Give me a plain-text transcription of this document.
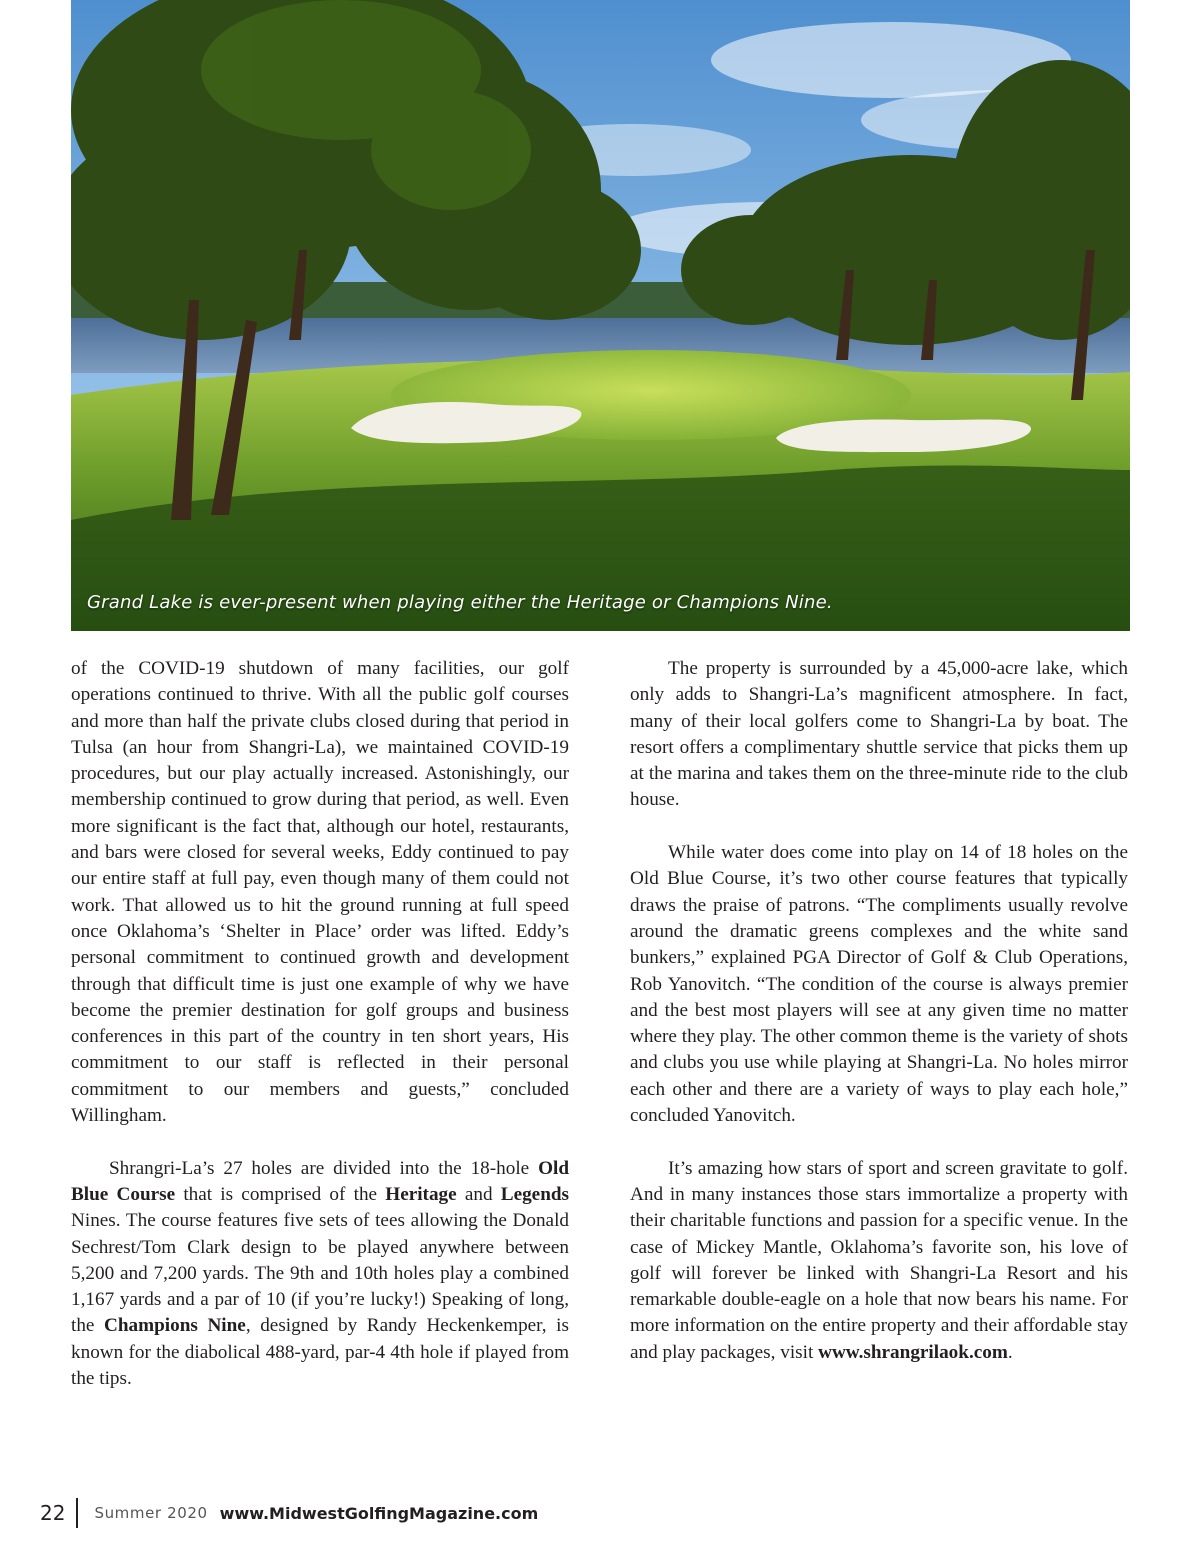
Grand Lake is ever-present when playing either the Heritage or Champions Nine.

of the COVID-19 shutdown of many facilities, our golf operations continued to thrive. With all the public golf courses and more than half the private clubs closed during that period in Tulsa (an hour from Shangri-La), we maintained COVID-19 procedures, but our play actually increased. Astonishingly, our membership continued to grow during that period, as well. Even more significant is the fact that, although our hotel, restaurants, and bars were closed for several weeks, Eddy continued to pay our entire staff at full pay, even though many of them could not work. That allowed us to hit the ground running at full speed once Oklahoma’s ‘Shelter in Place’ order was lifted. Eddy’s personal commitment to continued growth and development through that difficult time is just one example of why we have become the premier destination for golf groups and business conferences in this part of the country in ten short years, His commitment to our staff is reflected in their personal commitment to our members and guests,” concluded Willingham.

Shrangri-La’s 27 holes are divided into the 18-hole Old Blue Course that is comprised of the Heritage and Legends Nines. The course features five sets of tees allowing the Donald Sechrest/Tom Clark design to be played anywhere between 5,200 and 7,200 yards. The 9th and 10th holes play a combined 1,167 yards and a par of 10 (if you’re lucky!) Speaking of long, the Champions Nine, designed by Randy Heckenkemper, is known for the diabolical 488-yard, par-4 4th hole if played from the tips.

The property is surrounded by a 45,000-acre lake, which only adds to Shangri-La’s magnificent atmosphere. In fact, many of their local golfers come to Shangri-La by boat. The resort offers a complimentary shuttle service that picks them up at the marina and takes them on the three-minute ride to the club house.

While water does come into play on 14 of 18 holes on the Old Blue Course, it’s two other course features that typically draws the praise of patrons. “The compliments usually revolve around the dramatic greens complexes and the white sand bunkers,” explained PGA Director of Golf & Club Operations, Rob Yanovitch. “The condition of the course is always premier and the best most players will see at any given time no matter where they play. The other common theme is the variety of shots and clubs you use while playing at Shangri-La. No holes mirror each other and there are a variety of ways to play each hole,” concluded Yanovitch.

It’s amazing how stars of sport and screen gravitate to golf. And in many instances those stars immortalize a property with their charitable functions and passion for a specific venue. In the case of Mickey Mantle, Oklahoma’s favorite son, his love of golf will forever be linked with Shangri-La Resort and his remarkable double-eagle on a hole that now bears his name. For more information on the entire property and their affordable stay and play packages, visit www.shrangrilaok.com.

22 Summer 2020 www.MidwestGolfingMagazine.com
